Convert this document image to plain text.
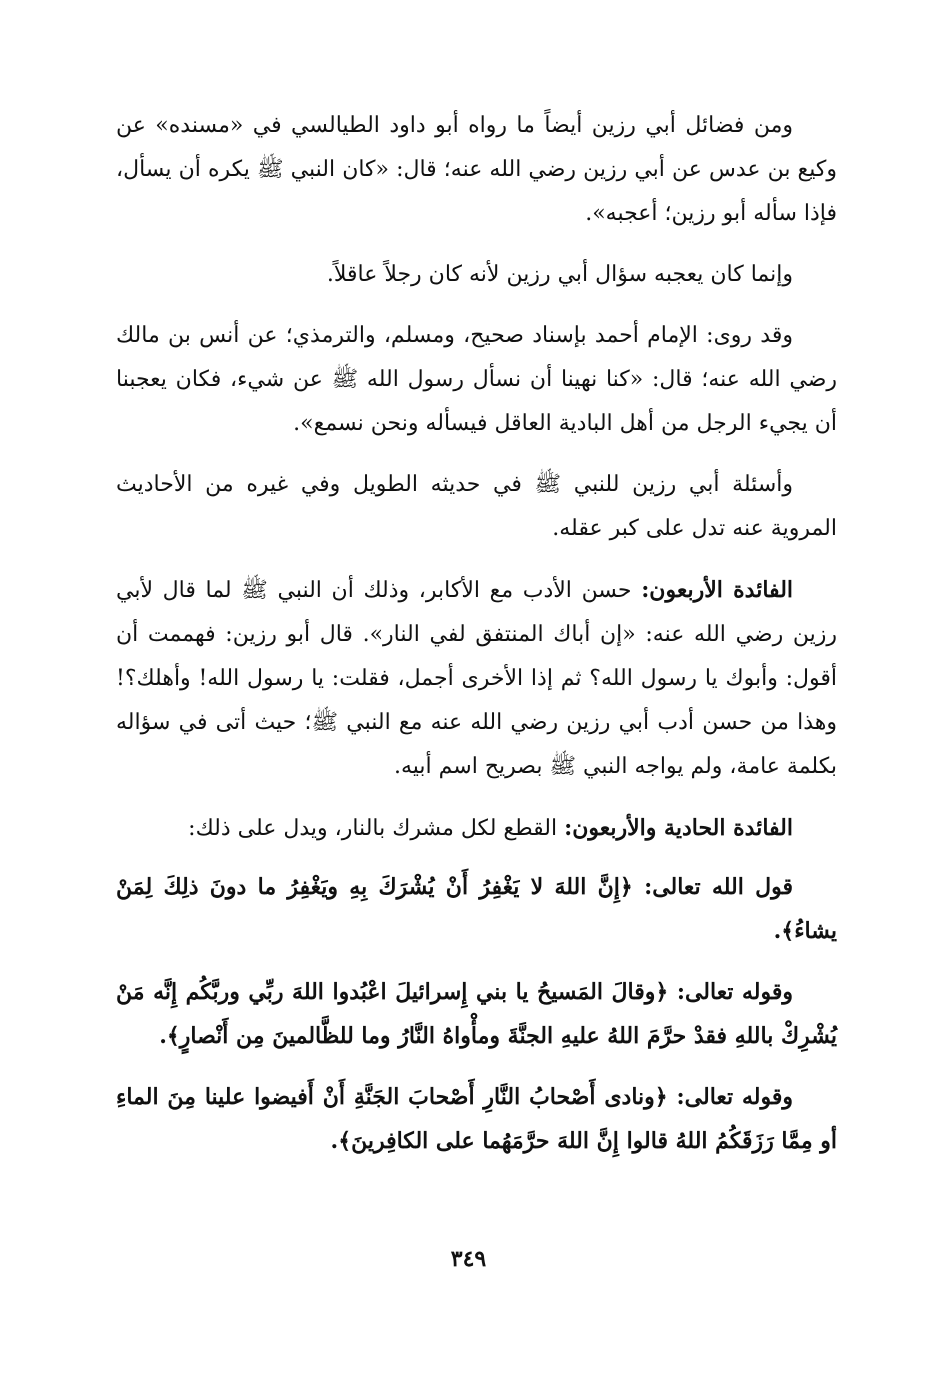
ومن فضائل أبي رزين أيضاً ما رواه أبو داود الطيالسي في «مسنده» عن وكيع بن عدس عن أبي رزين رضي الله عنه؛ قال: «كان النبي ﷺ يكره أن يسأل، فإذا سأله أبو رزين؛ أعجبه».

وإنما كان يعجبه سؤال أبي رزين لأنه كان رجلاً عاقلاً.

وقد روى: الإمام أحمد بإسناد صحيح، ومسلم، والترمذي؛ عن أنس بن مالك رضي الله عنه؛ قال: «كنا نهينا أن نسأل رسول الله ﷺ عن شيء، فكان يعجبنا أن يجيء الرجل من أهل البادية العاقل فيسأله ونحن نسمع».

وأسئلة أبي رزين للنبي ﷺ في حديثه الطويل وفي غيره من الأحاديث المروية عنه تدل على كبر عقله.

الفائدة الأربعون: حسن الأدب مع الأكابر، وذلك أن النبي ﷺ لما قال لأبي رزين رضي الله عنه: «إن أباك المنتفق لفي النار». قال أبو رزين: فهممت أن أقول: وأبوك يا رسول الله؟ ثم إذا الأخرى أجمل، فقلت: يا رسول الله! وأهلك؟! وهذا من حسن أدب أبي رزين رضي الله عنه مع النبي ﷺ؛ حيث أتى في سؤاله بكلمة عامة، ولم يواجه النبي ﷺ بصريح اسم أبيه.

الفائدة الحادية والأربعون: القطع لكل مشرك بالنار، ويدل على ذلك:

قول الله تعالى: ﴿إِنَّ اللهَ لا يَغْفِرُ أَنْ يُشْرَكَ بِهِ ويَغْفِرُ ما دونَ ذلِكَ لِمَنْ يشاءُ﴾.

وقوله تعالى: ﴿وقالَ المَسيحُ يا بني إِسرائيلَ اعْبُدوا اللهَ ربِّي وربَّكُم إِنَّه مَنْ يُشْرِكْ باللهِ فقدْ حرَّمَ اللهُ عليهِ الجنَّةَ ومأْواهُ النَّارُ وما للظَّالمينَ مِن أَنْصارٍ﴾.

وقوله تعالى: ﴿ونادى أَصْحابُ النَّارِ أَصْحابَ الجَنَّةِ أَنْ أَفيضوا علينا مِنَ الماءِ أو مِمَّا رَزَقَكُمُ اللهُ قالوا إِنَّ اللهَ حرَّمَهُما على الكافِرينَ﴾.

٣٤٩
